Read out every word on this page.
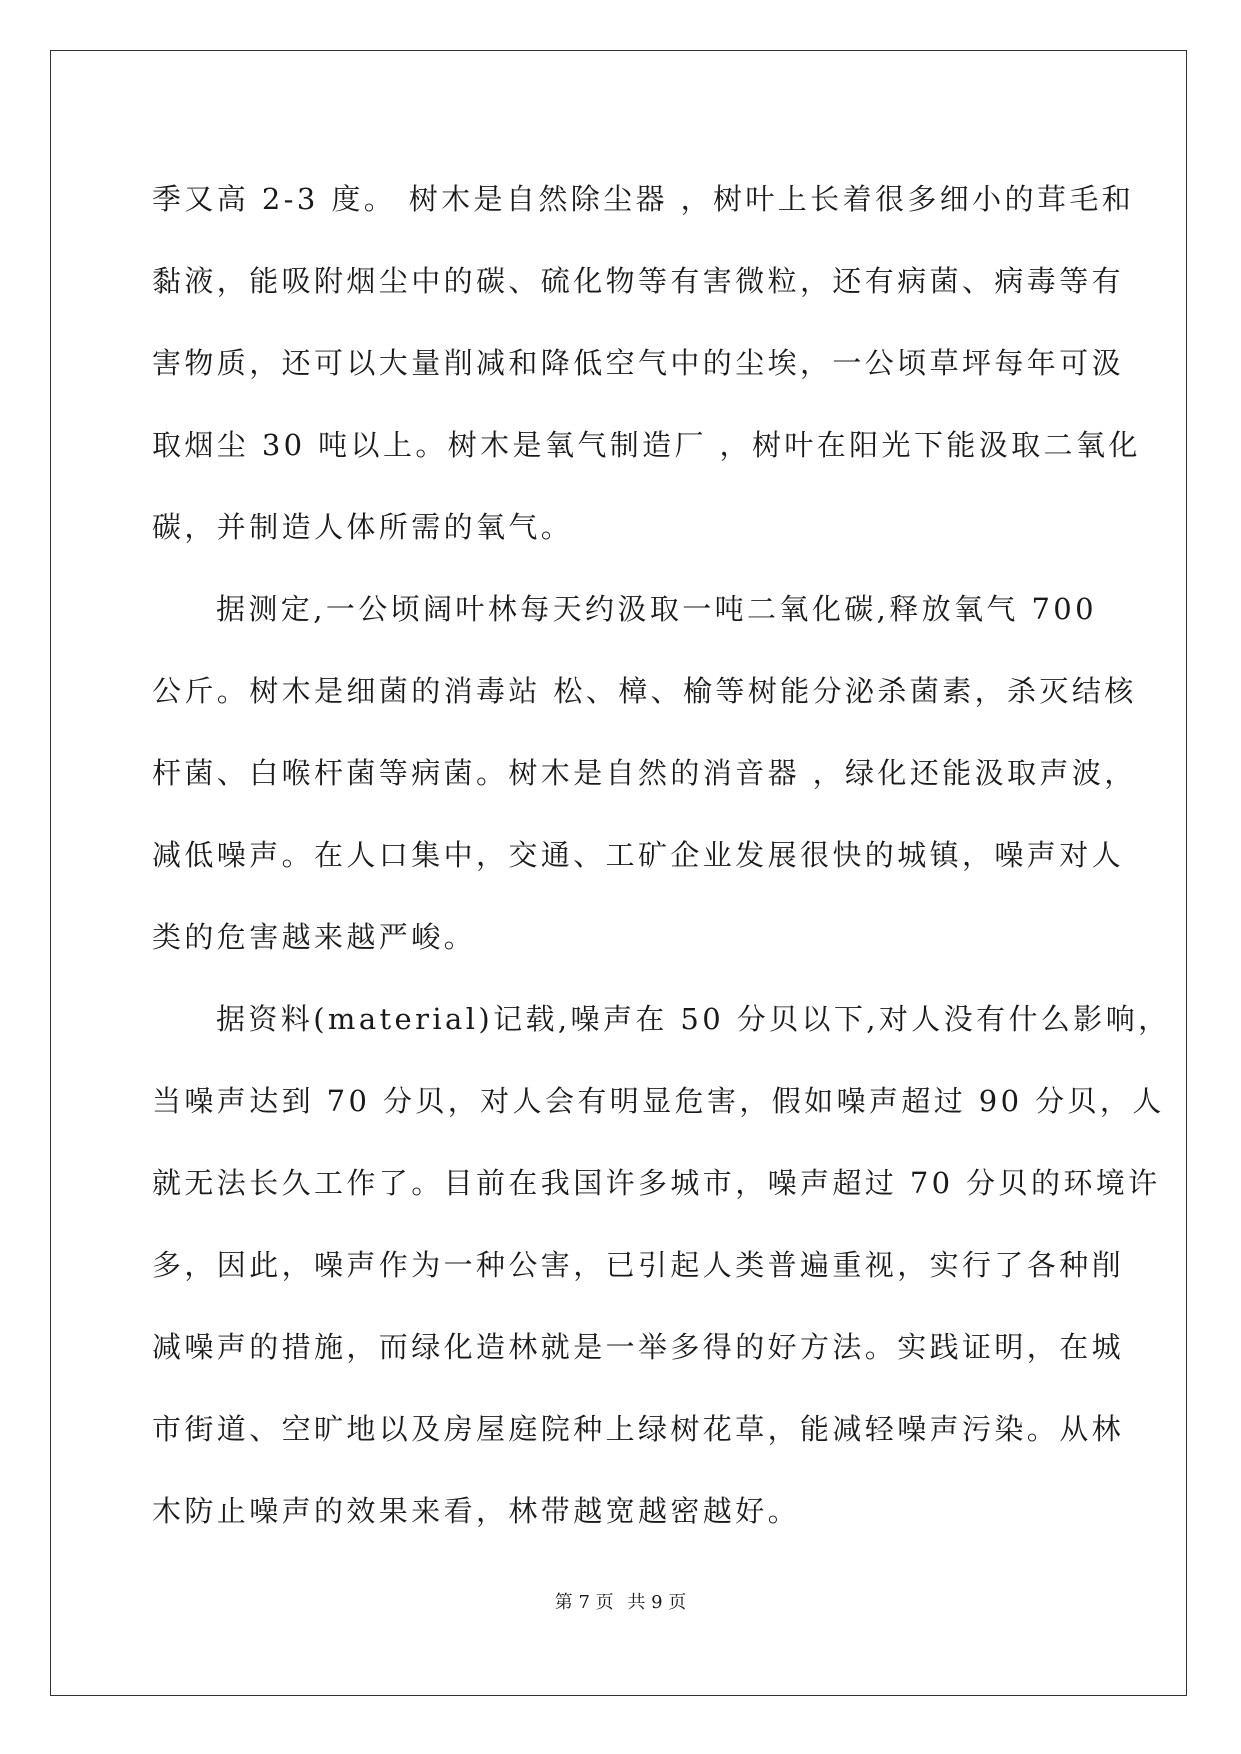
季又高 2-3 度。 树木是自然除尘器 ，树叶上长着很多细小的茸毛和
黏液，能吸附烟尘中的碳、硫化物等有害微粒，还有病菌、病毒等有
害物质，还可以大量削减和降低空气中的尘埃，一公顷草坪每年可汲
取烟尘 30 吨以上。树木是氧气制造厂 ，树叶在阳光下能汲取二氧化
碳，并制造人体所需的氧气。
据测定,一公顷阔叶林每天约汲取一吨二氧化碳,释放氧气 700
公斤。树木是细菌的消毒站 松、樟、榆等树能分泌杀菌素，杀灭结核
杆菌、白喉杆菌等病菌。树木是自然的消音器 ，绿化还能汲取声波，
减低噪声。在人口集中，交通、工矿企业发展很快的城镇，噪声对人
类的危害越来越严峻。
据资料(material)记载,噪声在 50 分贝以下,对人没有什么影响，
当噪声达到 70 分贝，对人会有明显危害，假如噪声超过 90 分贝，人
就无法长久工作了。目前在我国许多城市，噪声超过 70 分贝的环境许
多，因此，噪声作为一种公害，已引起人类普遍重视，实行了各种削
减噪声的措施，而绿化造林就是一举多得的好方法。实践证明，在城
市街道、空旷地以及房屋庭院种上绿树花草，能减轻噪声污染。从林
木防止噪声的效果来看，林带越宽越密越好。
第 7 页 共 9 页
